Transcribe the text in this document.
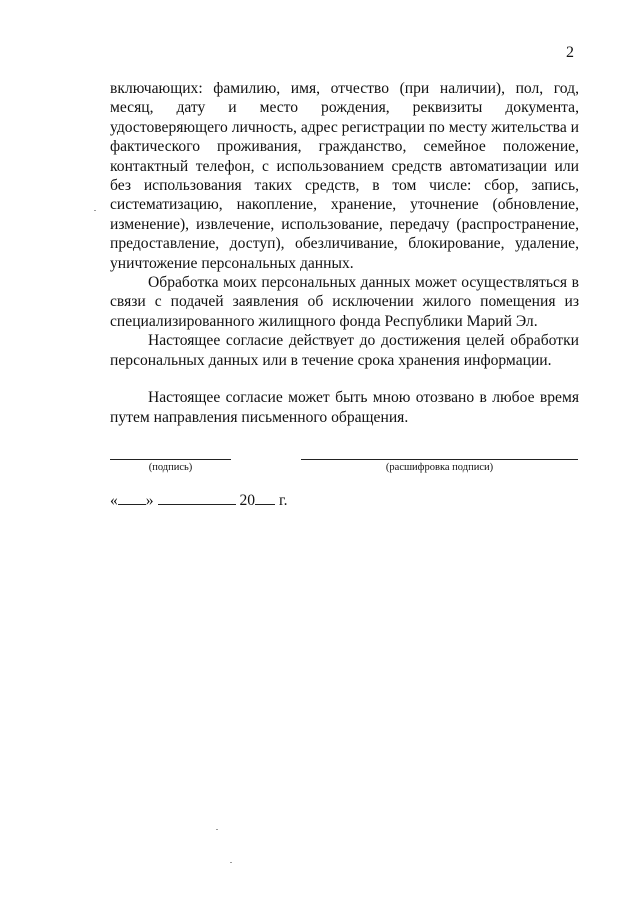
2

включающих: фамилию, имя, отчество (при наличии), пол, год, месяц, дату и место рождения, реквизиты документа, удостоверяющего личность, адрес регистрации по месту жительства и фактического проживания, гражданство, семейное положение, контактный телефон, с использованием средств автоматизации или без использования таких средств, в том числе: сбор, запись, систематизацию, накопление, хранение, уточнение (обновление, изменение), извлечение, использование, передачу (распространение, предоставление, доступ), обезличивание, блокирование, удаление, уничтожение персональных данных.

Обработка моих персональных данных может осуществляться в связи с подачей заявления об исключении жилого помещения из специализированного жилищного фонда Республики Марий Эл.

Настоящее согласие действует до достижения целей обработки персональных данных или в течение срока хранения информации.

Настоящее согласие может быть мною отозвано в любое время путем направления письменного обращения.

(подпись)	(расшифровка подписи)
« »	20 г.
